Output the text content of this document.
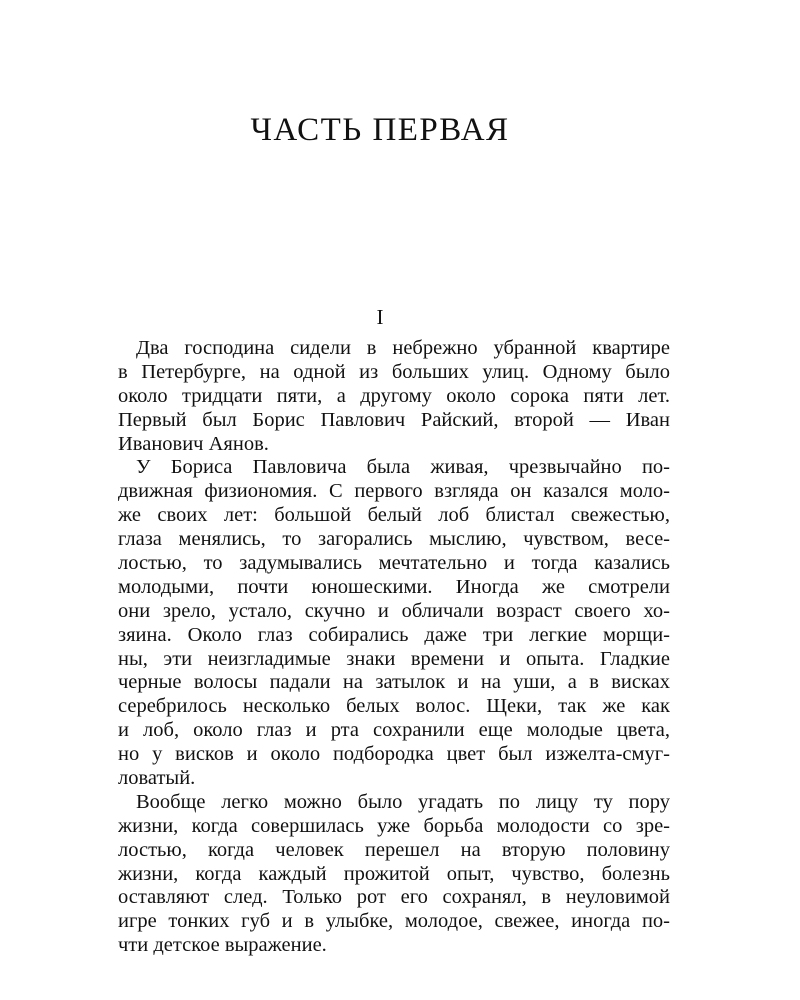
ЧАСТЬ ПЕРВАЯ
I
Два господина сидели в небрежно убранной квартире
в Петербурге, на одной из больших улиц. Одному было
около тридцати пяти, а другому около сорока пяти лет.
Первый был Борис Павлович Райский, второй — Иван
Иванович Аянов.
У Бориса Павловича была живая, чрезвычайно по-
движная физиономия. С первого взгляда он казался моло-
же своих лет: большой белый лоб блистал свежестью,
глаза менялись, то загорались мыслию, чувством, весе-
лостью, то задумывались мечтательно и тогда казались
молодыми, почти юношескими. Иногда же смотрели
они зрело, устало, скучно и обличали возраст своего хо-
зяина. Около глаз собирались даже три легкие морщи-
ны, эти неизгладимые знаки времени и опыта. Гладкие
черные волосы падали на затылок и на уши, а в висках
серебрилось несколько белых волос. Щеки, так же как
и лоб, около глаз и рта сохранили еще молодые цвета,
но у висков и около подбородка цвет был изжелта-смуг-
ловатый.
Вообще легко можно было угадать по лицу ту пору
жизни, когда совершилась уже борьба молодости со зре-
лостью, когда человек перешел на вторую половину
жизни, когда каждый прожитой опыт, чувство, болезнь
оставляют след. Только рот его сохранял, в неуловимой
игре тонких губ и в улыбке, молодое, свежее, иногда по-
чти детское выражение.
